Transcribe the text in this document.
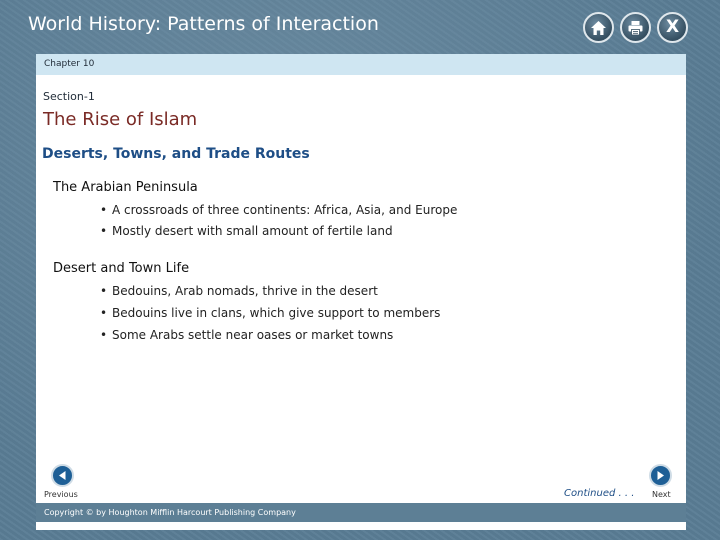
World History: Patterns of Interaction	X
Chapter 10
Section-1
The Rise of Islam
Deserts, Towns, and Trade Routes
The Arabian Peninsula
• A crossroads of three continents: Africa, Asia, and Europe
• Mostly desert with small amount of fertile land
Desert and Town Life
• Bedouins, Arab nomads, thrive in the desert
• Bedouins live in clans, which give support to members
• Some Arabs settle near oases or market towns
Previous	Continued . . . Next
Copyright © by Houghton Mifflin Harcourt Publishing Company
